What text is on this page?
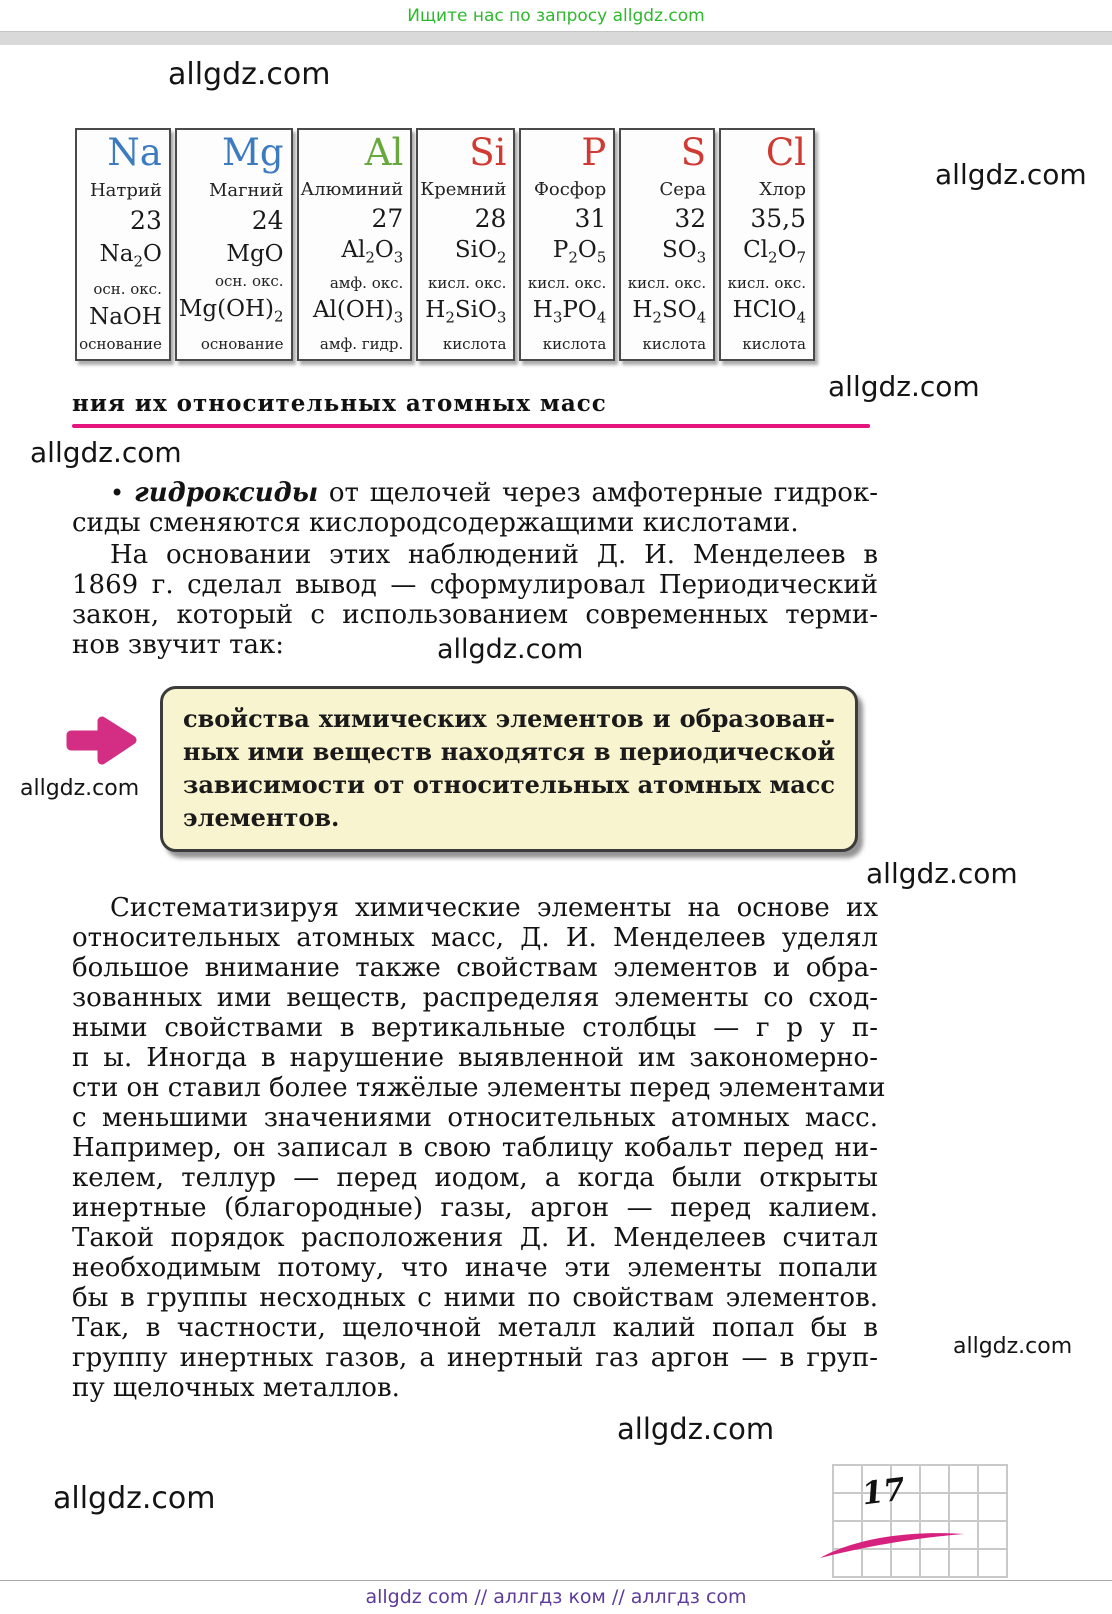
Ищите нас по запросу allgdz.com
allgdz.com
allgdz.com
allgdz.com
allgdz.com
allgdz.com
allgdz.com
allgdz.com
allgdz.com
allgdz.com
allgdz.com
Na
Натрий
23
$Na_2O$
осн. окс.
NaOH
основание
Mg
Магний
24
MgO
осн. окс.
$Mg(OH)_2$
основание
Al
Алюминий
27
$Al_2O_3$
амф. окс.
$Al(OH)_3$
амф. гидр.
Si
Кремний
28
SiO$_2$
кисл. окс.
$H_2SiO_3$
кислота
P
Фосфор
31
$P_2O_5$
кисл. окс.
$H_3PO_4$
кислота
S
Сера
32
$SO_3$
кисл. окс.
$H_2SO_4$
кислота
Cl
Хлор
35,5
$Cl_2O_7$
кисл. окс.
HClO$_4$
кислота
ния их относительных атомных масс
• гидроксиды от щелочей через амфотерные гидрок-
сиды сменяются кислородсодержащими кислотами.
На основании этих наблюдений Д. И. Менделеев в
1869 г. сделал вывод — сформулировал Периодический
закон, который с использованием современных терми-
нов звучит так:
свойства химических элементов и образован-
ных ими веществ находятся в периодической
зависимости от относительных атомных масс
элементов.
Систематизируя химические элементы на основе их
относительных атомных масс, Д. И. Менделеев уделял
большое внимание также свойствам элементов и обра-
зованных ими веществ, распределяя элементы со сход-
ными свойствами в вертикальные столбцы — г р у п-
п ы. Иногда в нарушение выявленной им закономерно-
сти он ставил более тяжёлые элементы перед элементами
с меньшими значениями относительных атомных масс.
Например, он записал в свою таблицу кобальт перед ни-
келем, теллур — перед иодом, а когда были открыты
инертные (благородные) газы, аргон — перед калием.
Такой порядок расположения Д. И. Менделеев считал
необходимым потому, что иначе эти элементы попали
бы в группы несходных с ними по свойствам элементов.
Так, в частности, щелочной металл калий попал бы в
группу инертных газов, а инертный газ аргон — в груп-
пу щелочных металлов.
17
allgdz com // аллгдз ком // аллгдз com
